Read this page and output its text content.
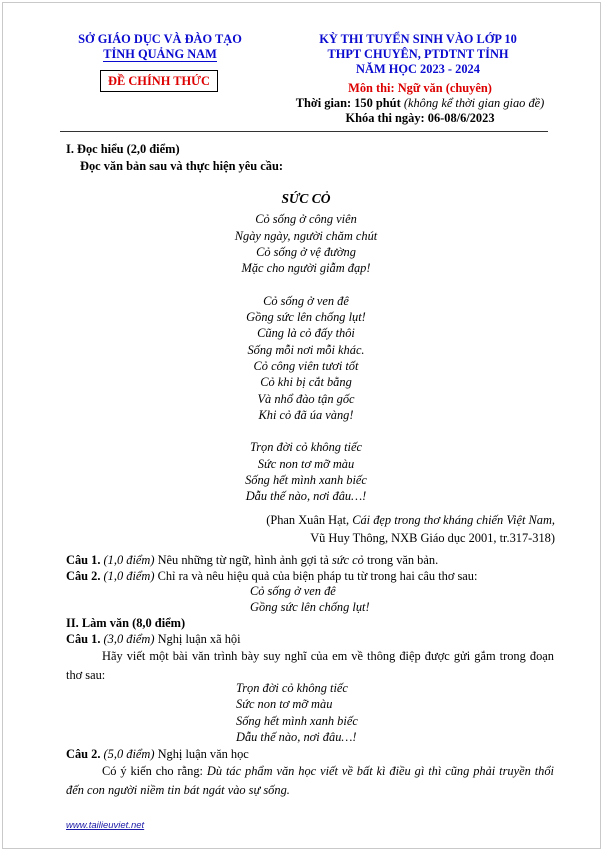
SỞ GIÁO DỤC VÀ ĐÀO TẠO
TỈNH QUẢNG NAM
ĐỀ CHÍNH THỨC
KỲ THI TUYỂN SINH VÀO LỚP 10
THPT CHUYÊN, PTDTNT TỈNH
NĂM HỌC 2023 - 2024
Môn thi: Ngữ văn (chuyên)
Thời gian: 150 phút (không kể thời gian giao đề)
Khóa thi ngày: 06-08/6/2023
I. Đọc hiểu (2,0 điểm)
Đọc văn bản sau và thực hiện yêu cầu:
SỨC CỎ
Cỏ sống ở công viên
Ngày ngày, người chăm chút
Cỏ sống ở vệ đường
Mặc cho người giẫm đạp!
Cỏ sống ở ven đê
Gồng sức lên chống lụt!
Cũng là cỏ đấy thôi
Sống mỗi nơi mỗi khác.
Cỏ công viên tươi tốt
Cỏ khi bị cắt bằng
Và nhổ đào tận gốc
Khi cỏ đã úa vàng!
Trọn đời cỏ không tiếc
Sức non tơ mỡ màu
Sống hết mình xanh biếc
Dẫu thế nào, nơi đâu…!
(Phan Xuân Hạt, Cái đẹp trong thơ kháng chiến Việt Nam,
Vũ Huy Thông, NXB Giáo dục 2001, tr.317-318)
Câu 1. (1,0 điểm) Nêu những từ ngữ, hình ảnh gợi tả sức cỏ trong văn bản.
Câu 2. (1,0 điểm) Chỉ ra và nêu hiệu quả của biện pháp tu từ trong hai câu thơ sau:
Cỏ sống ở ven đê
Gồng sức lên chống lụt!
II. Làm văn (8,0 điểm)
Câu 1. (3,0 điểm) Nghị luận xã hội
Hãy viết một bài văn trình bày suy nghĩ của em về thông điệp được gửi gắm trong đoạn thơ sau:
Trọn đời cỏ không tiếc
Sức non tơ mỡ màu
Sống hết mình xanh biếc
Dẫu thế nào, nơi đâu…!
Câu 2. (5,0 điểm) Nghị luận văn học
Có ý kiến cho rằng: Dù tác phẩm văn học viết về bất kì điều gì thì cũng phải truyền thổi đến con người niềm tin bát ngát vào sự sống.
www.tailieuviet.net
